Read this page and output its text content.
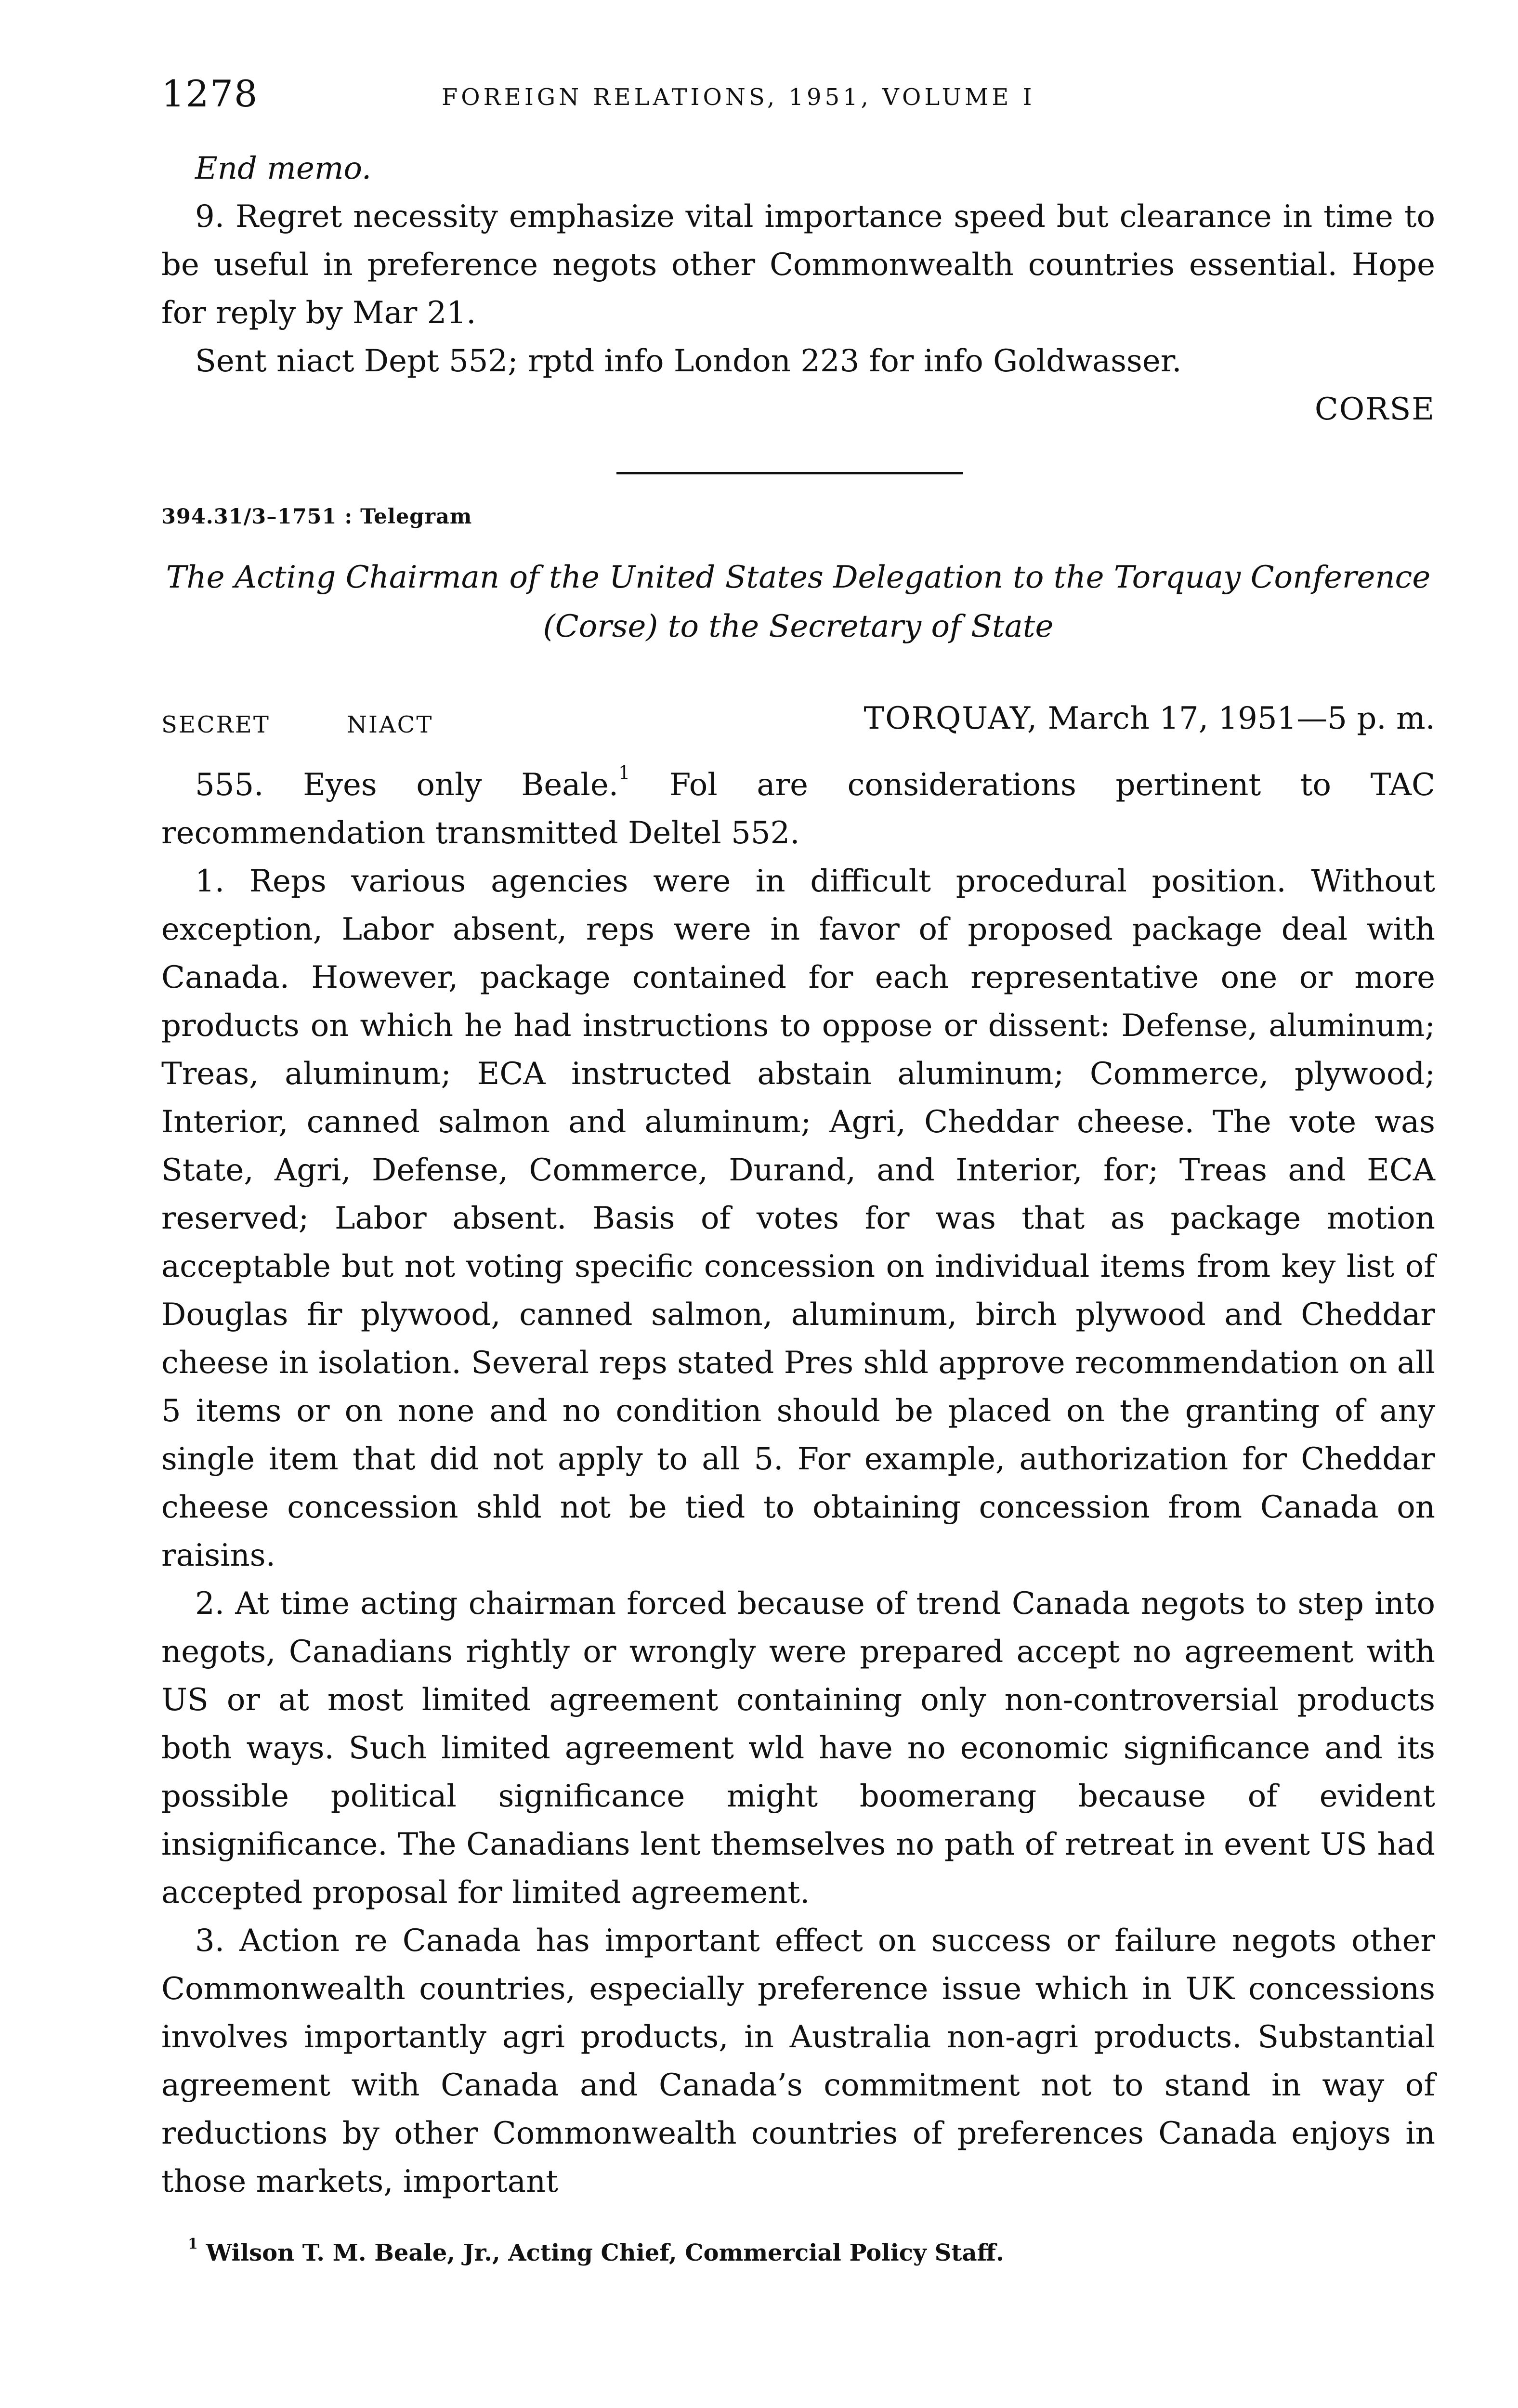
1278	FOREIGN RELATIONS, 1951, VOLUME I

End memo.

9. Regret necessity emphasize vital importance speed but clearance in time to be useful in preference negots other Commonwealth countries essential. Hope for reply by Mar 21.

Sent niact Dept 552; rptd info London 223 for info Goldwasser.

CORSE

394.31/3–1751 : Telegram
The Acting Chairman of the United States Delegation to the Torquay Conference (Corse) to the Secretary of State
SECRET	NIACT	TORQUAY, March 17, 1951—5 p. m.

555. Eyes only Beale.$^1$ Fol are considerations pertinent to TAC recommendation transmitted Deltel 552.

1. Reps various agencies were in difficult procedural position. Without exception, Labor absent, reps were in favor of proposed package deal with Canada. However, package contained for each representative one or more products on which he had instructions to oppose or dissent: Defense, aluminum; Treas, aluminum; ECA instructed abstain aluminum; Commerce, plywood; Interior, canned salmon and aluminum; Agri, Cheddar cheese. The vote was State, Agri, Defense, Commerce, Durand, and Interior, for; Treas and ECA reserved; Labor absent. Basis of votes for was that as package motion acceptable but not voting specific concession on individual items from key list of Douglas fir plywood, canned salmon, aluminum, birch plywood and Cheddar cheese in isolation. Several reps stated Pres shld approve recommendation on all 5 items or on none and no condition should be placed on the granting of any single item that did not apply to all 5. For example, authorization for Cheddar cheese concession shld not be tied to obtaining concession from Canada on raisins.

2. At time acting chairman forced because of trend Canada negots to step into negots, Canadians rightly or wrongly were prepared accept no agreement with US or at most limited agreement containing only non-controversial products both ways. Such limited agreement wld have no economic significance and its possible political significance might boomerang because of evident insignificance. The Canadians lent themselves no path of retreat in event US had accepted proposal for limited agreement.

3. Action re Canada has important effect on success or failure negots other Commonwealth countries, especially preference issue which in UK concessions involves importantly agri products, in Australia non-agri products. Substantial agreement with Canada and Canada’s commitment not to stand in way of reductions by other Commonwealth countries of preferences Canada enjoys in those markets, important

$^1$ Wilson T. M. Beale, Jr., Acting Chief, Commercial Policy Staff.
